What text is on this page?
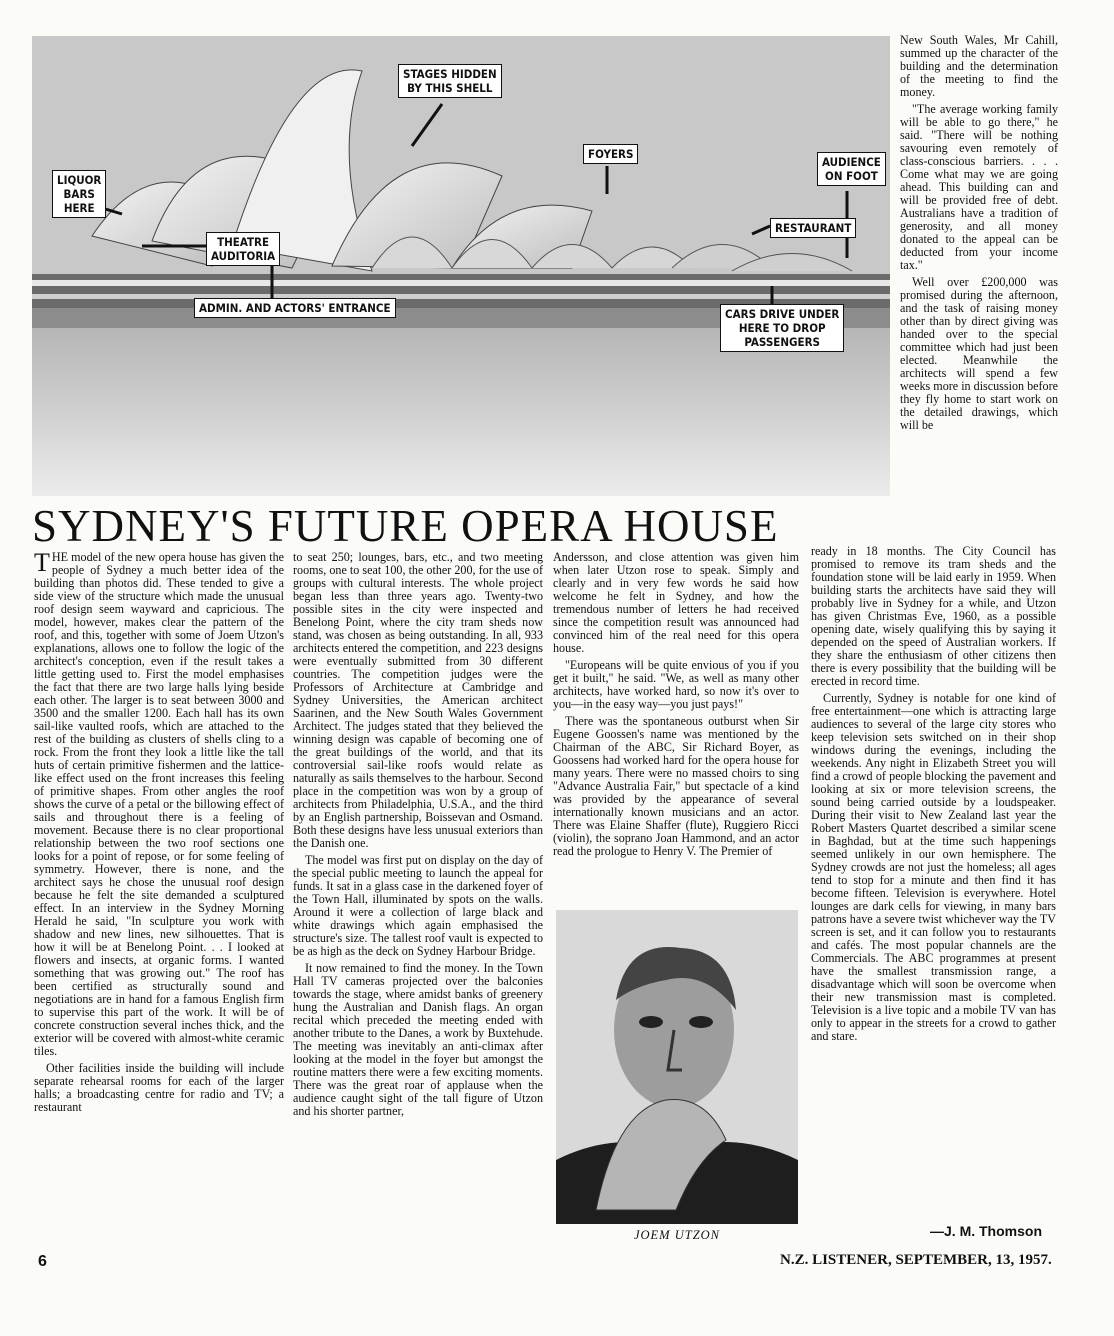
STAGES HIDDEN
BY THIS SHELL
FOYERS
AUDIENCE
ON FOOT
LIQUOR
BARS
HERE
RESTAURANT
THEATRE
AUDITORIA
ADMIN. AND ACTORS' ENTRANCE	CARS DRIVE UNDER
HERE TO DROP
PASSENGERS

New South Wales, Mr Cahill, summed up the character of the building and the determination of the meeting to find the money.

"The average working family will be able to go there," he said. "There will be nothing savouring even remotely of class-conscious barriers. . . . Come what may we are going ahead. This building can and will be provided free of debt. Australians have a tradition of generosity, and all money donated to the appeal can be deducted from your income tax."

Well over £200,000 was promised during the afternoon, and the task of raising money other than by direct giving was handed over to the special committee which had just been elected. Meanwhile the architects will spend a few weeks more in discussion before they fly home to start work on the detailed drawings, which will be

SYDNEY'S FUTURE OPERA HOUSE

THE model of the new opera house has given the people of Sydney a much better idea of the building than photos did. These tended to give a side view of the structure which made the unusual roof design seem wayward and capricious. The model, however, makes clear the pattern of the roof, and this, together with some of Joem Utzon's explanations, allows one to follow the logic of the architect's conception, even if the result takes a little getting used to. First the model emphasises the fact that there are two large halls lying beside each other. The larger is to seat between 3000 and 3500 and the smaller 1200. Each hall has its own sail-like vaulted roofs, which are attached to the rest of the building as clusters of shells cling to a rock. From the front they look a little like the tall huts of certain primitive fishermen and the lattice-like effect used on the front increases this feeling of primitive shapes. From other angles the roof shows the curve of a petal or the billowing effect of sails and throughout there is a feeling of movement. Because there is no clear proportional relationship between the two roof sections one looks for a point of repose, or for some feeling of symmetry. However, there is none, and the architect says he chose the unusual roof design because he felt the site demanded a sculptured effect. In an interview in the Sydney Morning Herald he said, "In sculpture you work with shadow and new lines, new silhouettes. That is how it will be at Benelong Point. . . I looked at flowers and insects, at organic forms. I wanted something that was growing out." The roof has been certified as structurally sound and negotiations are in hand for a famous English firm to supervise this part of the work. It will be of concrete construction several inches thick, and the exterior will be covered with almost-white ceramic tiles.

Other facilities inside the building will include separate rehearsal rooms for each of the larger halls; a broadcasting centre for radio and TV; a restaurant

to seat 250; lounges, bars, etc., and two meeting rooms, one to seat 100, the other 200, for the use of groups with cultural interests. The whole project began less than three years ago. Twenty-two possible sites in the city were inspected and Benelong Point, where the city tram sheds now stand, was chosen as being outstanding. In all, 933 architects entered the competition, and 223 designs were eventually submitted from 30 different countries. The competition judges were the Professors of Architecture at Cambridge and Sydney Universities, the American architect Saarinen, and the New South Wales Government Architect. The judges stated that they believed the winning design was capable of becoming one of the great buildings of the world, and that its controversial sail-like roofs would relate as naturally as sails themselves to the harbour. Second place in the competition was won by a group of architects from Philadelphia, U.S.A., and the third by an English partnership, Boissevan and Osmand. Both these designs have less unusual exteriors than the Danish one.

The model was first put on display on the day of the special public meeting to launch the appeal for funds. It sat in a glass case in the darkened foyer of the Town Hall, illuminated by spots on the walls. Around it were a collection of large black and white drawings which again emphasised the structure's size. The tallest roof vault is expected to be as high as the deck on Sydney Harbour Bridge.

It now remained to find the money. In the Town Hall TV cameras projected over the balconies towards the stage, where amidst banks of greenery hung the Australian and Danish flags. An organ recital which preceded the meeting ended with another tribute to the Danes, a work by Buxtehude. The meeting was inevitably an anti-climax after looking at the model in the foyer but amongst the routine matters there were a few exciting moments. There was the great roar of applause when the audience caught sight of the tall figure of Utzon and his shorter partner,

Andersson, and close attention was given him when later Utzon rose to speak. Simply and clearly and in very few words he said how welcome he felt in Sydney, and how the tremendous number of letters he had received since the competition result was announced had convinced him of the real need for this opera house.

"Europeans will be quite envious of you if you get it built," he said. "We, as well as many other architects, have worked hard, so now it's over to you—in the easy way—you just pays!"

There was the spontaneous outburst when Sir Eugene Goossen's name was mentioned by the Chairman of the ABC, Sir Richard Boyer, as Goossens had worked hard for the opera house for many years. There were no massed choirs to sing "Advance Australia Fair," but spectacle of a kind was provided by the appearance of several internationally known musicians and an actor. There was Elaine Shaffer (flute), Ruggiero Ricci (violin), the soprano Joan Hammond, and an actor read the prologue to Henry V. The Premier of

JOEM UTZON

ready in 18 months. The City Council has promised to remove its tram sheds and the foundation stone will be laid early in 1959. When building starts the architects have said they will probably live in Sydney for a while, and Utzon has given Christmas Eve, 1960, as a possible opening date, wisely qualifying this by saying it depended on the speed of Australian workers. If they share the enthusiasm of other citizens then there is every possibility that the building will be erected in record time.

Currently, Sydney is notable for one kind of free entertainment—one which is attracting large audiences to several of the large city stores who keep television sets switched on in their shop windows during the evenings, including the weekends. Any night in Elizabeth Street you will find a crowd of people blocking the pavement and looking at six or more television screens, the sound being carried outside by a loudspeaker. During their visit to New Zealand last year the Robert Masters Quartet described a similar scene in Baghdad, but at the time such happenings seemed unlikely in our own hemisphere. The Sydney crowds are not just the homeless; all ages tend to stop for a minute and then find it has become fifteen. Television is everywhere. Hotel lounges are dark cells for viewing, in many bars patrons have a severe twist whichever way the TV screen is set, and it can follow you to restaurants and cafés. The most popular channels are the Commercials. The ABC programmes at present have the smallest transmission range, a disadvantage which will soon be overcome when their new transmission mast is completed. Television is a live topic and a mobile TV van has only to appear in the streets for a crowd to gather and stare.

—J. M. Thomson
6	N.Z. LISTENER, SEPTEMBER, 13, 1957.
